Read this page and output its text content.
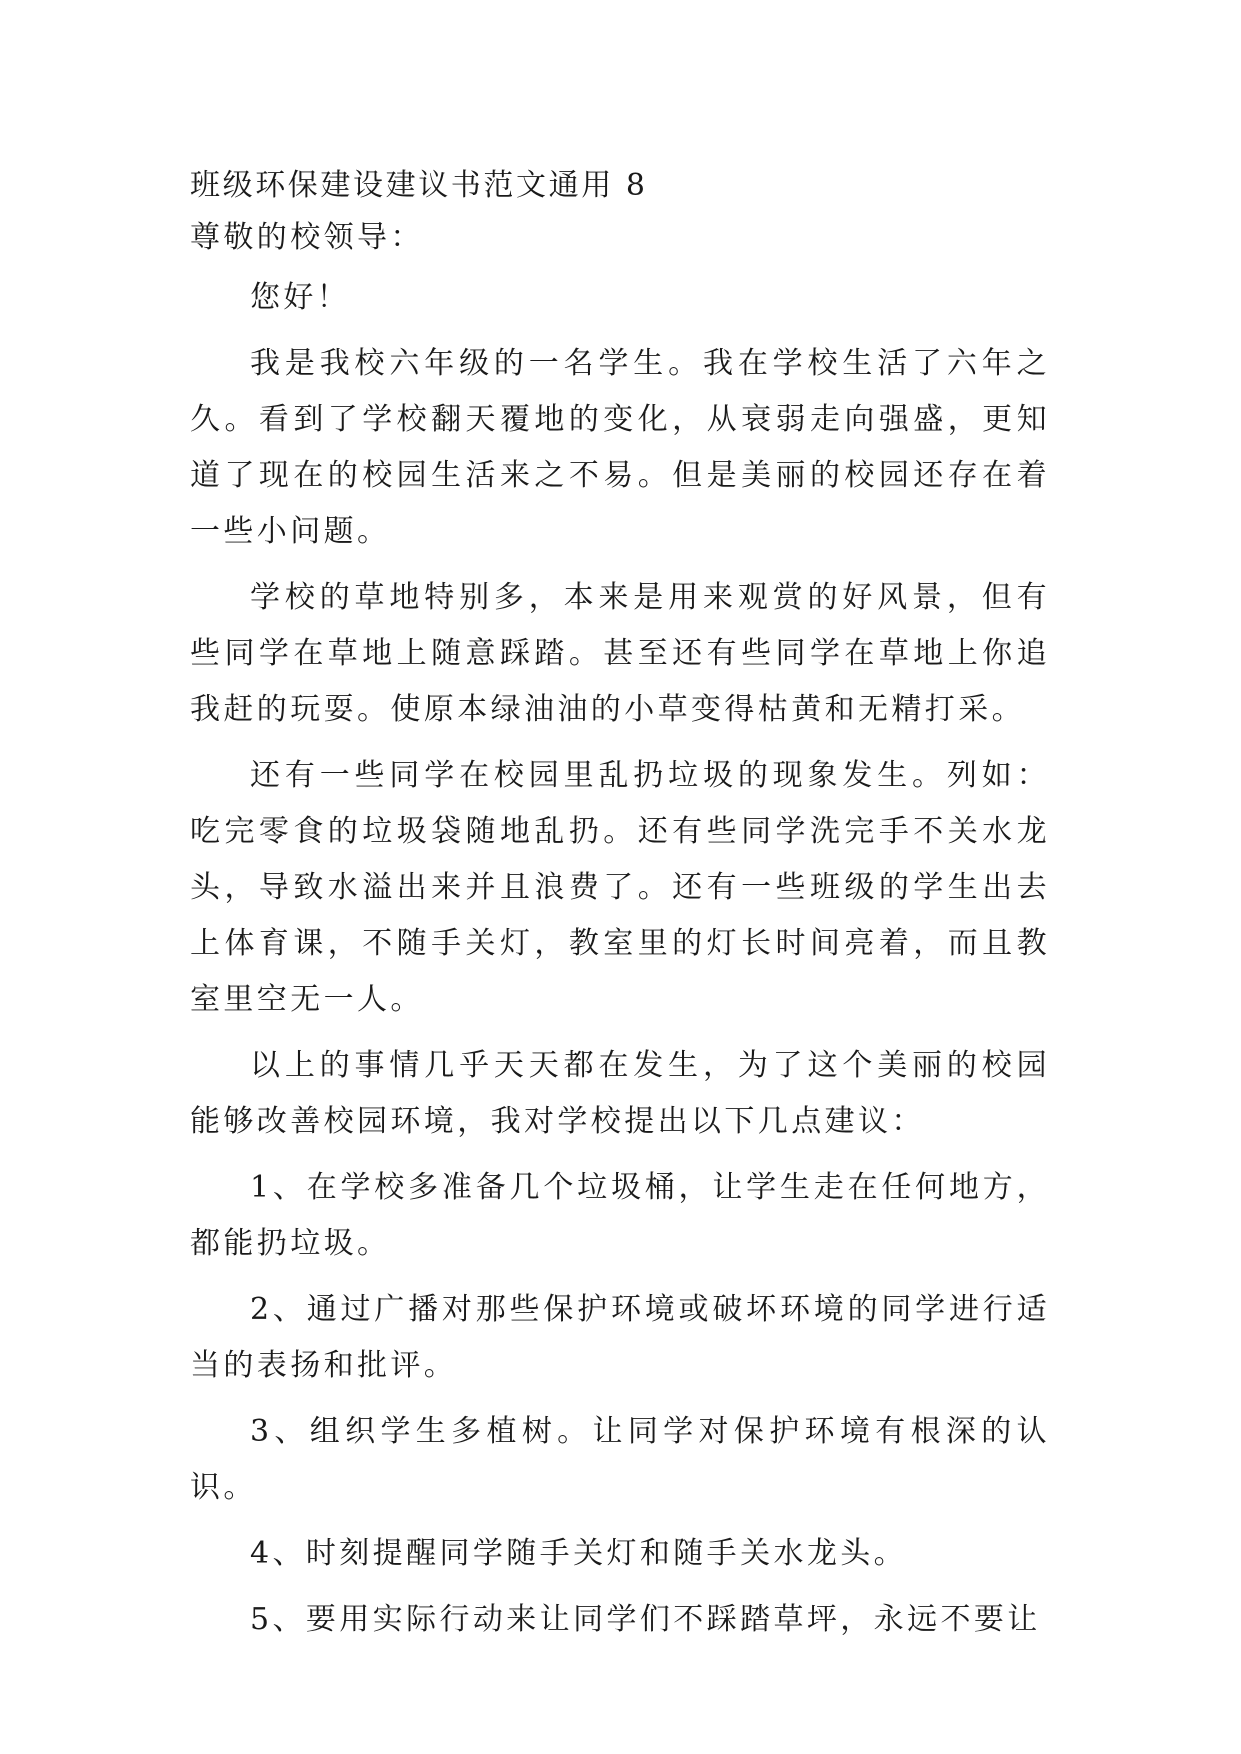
班级环保建设建议书范文通用 8
尊敬的校领导：

您好！

我是我校六年级的一名学生。我在学校生活了六年之久。看到了学校翻天覆地的变化，从衰弱走向强盛，更知道了现在的校园生活来之不易。但是美丽的校园还存在着一些小问题。

学校的草地特别多，本来是用来观赏的好风景，但有些同学在草地上随意踩踏。甚至还有些同学在草地上你追我赶的玩耍。使原本绿油油的小草变得枯黄和无精打采。

还有一些同学在校园里乱扔垃圾的现象发生。列如：吃完零食的垃圾袋随地乱扔。还有些同学洗完手不关水龙头，导致水溢出来并且浪费了。还有一些班级的学生出去上体育课，不随手关灯，教室里的灯长时间亮着，而且教室里空无一人。

以上的事情几乎天天都在发生，为了这个美丽的校园能够改善校园环境，我对学校提出以下几点建议：

1、在学校多准备几个垃圾桶，让学生走在任何地方，都能扔垃圾。

2、通过广播对那些保护环境或破坏环境的同学进行适当的表扬和批评。

3、组织学生多植树。让同学对保护环境有根深的认识。

4、时刻提醒同学随手关灯和随手关水龙头。

5、要用实际行动来让同学们不踩踏草坪，永远不要让
